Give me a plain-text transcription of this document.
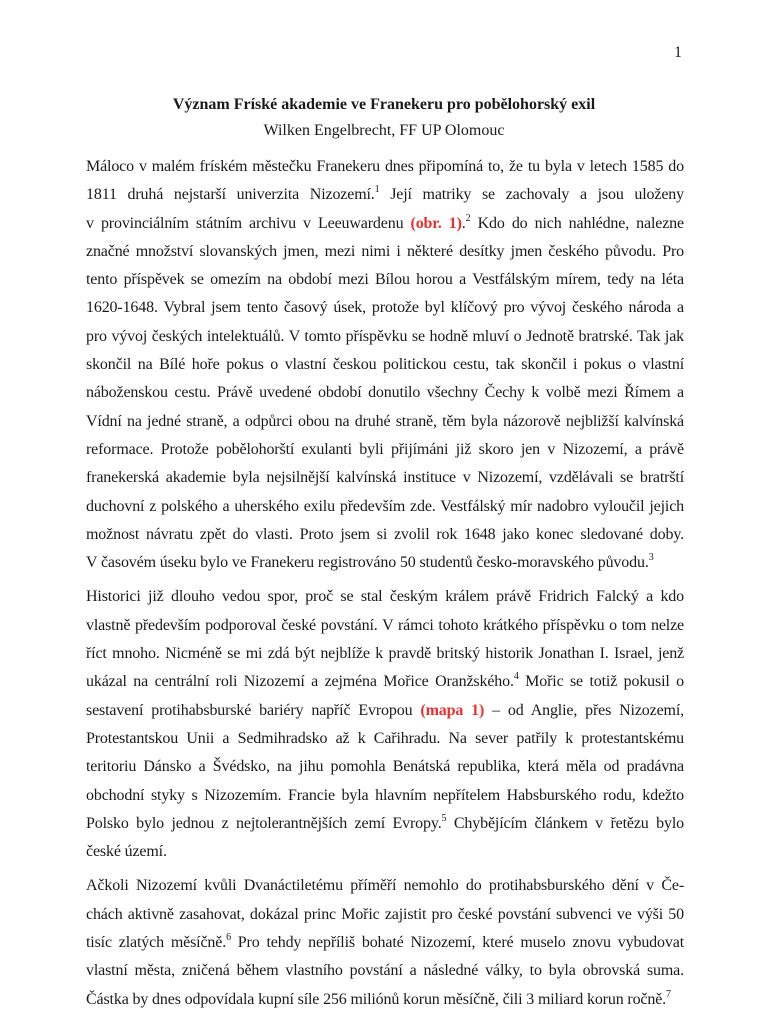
1
Význam Fríské akademie ve Franekeru pro pobělohorský exil
Wilken Engelbrecht, FF UP Olomouc
Máloco v malém fríském městečku Franekeru dnes připomíná to, že tu byla v letech 1585 do
1811 druhá nejstarší univerzita Nizozemí.$^1$ Její matriky se zachovaly a jsou uloženy
v provinciálním státním archivu v Leeuwardenu (obr. 1).$^2$ Kdo do nich nahlédne, nalezne
značné množství slovanských jmen, mezi nimi i některé desítky jmen českého původu. Pro
tento příspěvek se omezím na období mezi Bílou horou a Vestfálským mírem, tedy na léta
1620-1648. Vybral jsem tento časový úsek, protože byl klíčový pro vývoj českého národa a
pro vývoj českých intelektuálů. V tomto příspěvku se hodně mluví o Jednotě bratrské. Tak jak
skončil na Bílé hoře pokus o vlastní českou politickou cestu, tak skončil i pokus o vlastní
náboženskou cestu. Právě uvedené období donutilo všechny Čechy k volbě mezi Římem a
Vídní na jedné straně, a odpůrci obou na druhé straně, těm byla názorově nejbližší kalvínská
reformace. Protože pobělohorští exulanti byli přijímáni již skoro jen v Nizozemí, a právě
franekerská akademie byla nejsilnější kalvínská instituce v Nizozemí, vzdělávali se bratrští
duchovní z polského a uherského exilu především zde. Vestfálský mír nadobro vyloučil jejich
možnost návratu zpět do vlasti. Proto jsem si zvolil rok 1648 jako konec sledované doby.
V časovém úseku bylo ve Franekeru registrováno 50 studentů česko-moravského původu.$^3$
Historici již dlouho vedou spor, proč se stal českým králem právě Fridrich Falcký a kdo
vlastně především podporoval české povstání. V rámci tohoto krátkého příspěvku o tom nelze
říct mnoho. Nicméně se mi zdá být nejblíže k pravdě britský historik Jonathan I. Israel, jenž
ukázal na centrální roli Nizozemí a zejména Mořice Oranžského.$^4$ Mořic se totiž pokusil o
sestavení protihabsburské bariéry napříč Evropou (mapa 1) – od Anglie, přes Nizozemí,
Protestantskou Unii a Sedmihradsko až k Cařihradu. Na sever patřily k protestantskému
teritoriu Dánsko a Švédsko, na jihu pomohla Benátská republika, která měla od pradávna
obchodní styky s Nizozemím. Francie byla hlavním nepřítelem Habsburského rodu, kdežto
Polsko bylo jednou z nejtolerantnějších zemí Evropy.$^5$ Chybějícím článkem v řetězu bylo
české území.
Ačkoli Nizozemí kvůli Dvanáctiletému příměří nemohlo do protihabsburského dění v Če-
chách aktivně zasahovat, dokázal princ Mořic zajistit pro české povstání subvenci ve výši 50
tisíc zlatých měsíčně.$^6$ Pro tehdy nepříliš bohaté Nizozemí, které muselo znovu vybudovat
vlastní města, zničená během vlastního povstání a následné války, to byla obrovská suma.
Částka by dnes odpovídala kupní síle 256 miliónů korun měsíčně, čili 3 miliard korun ročně.$^7$
